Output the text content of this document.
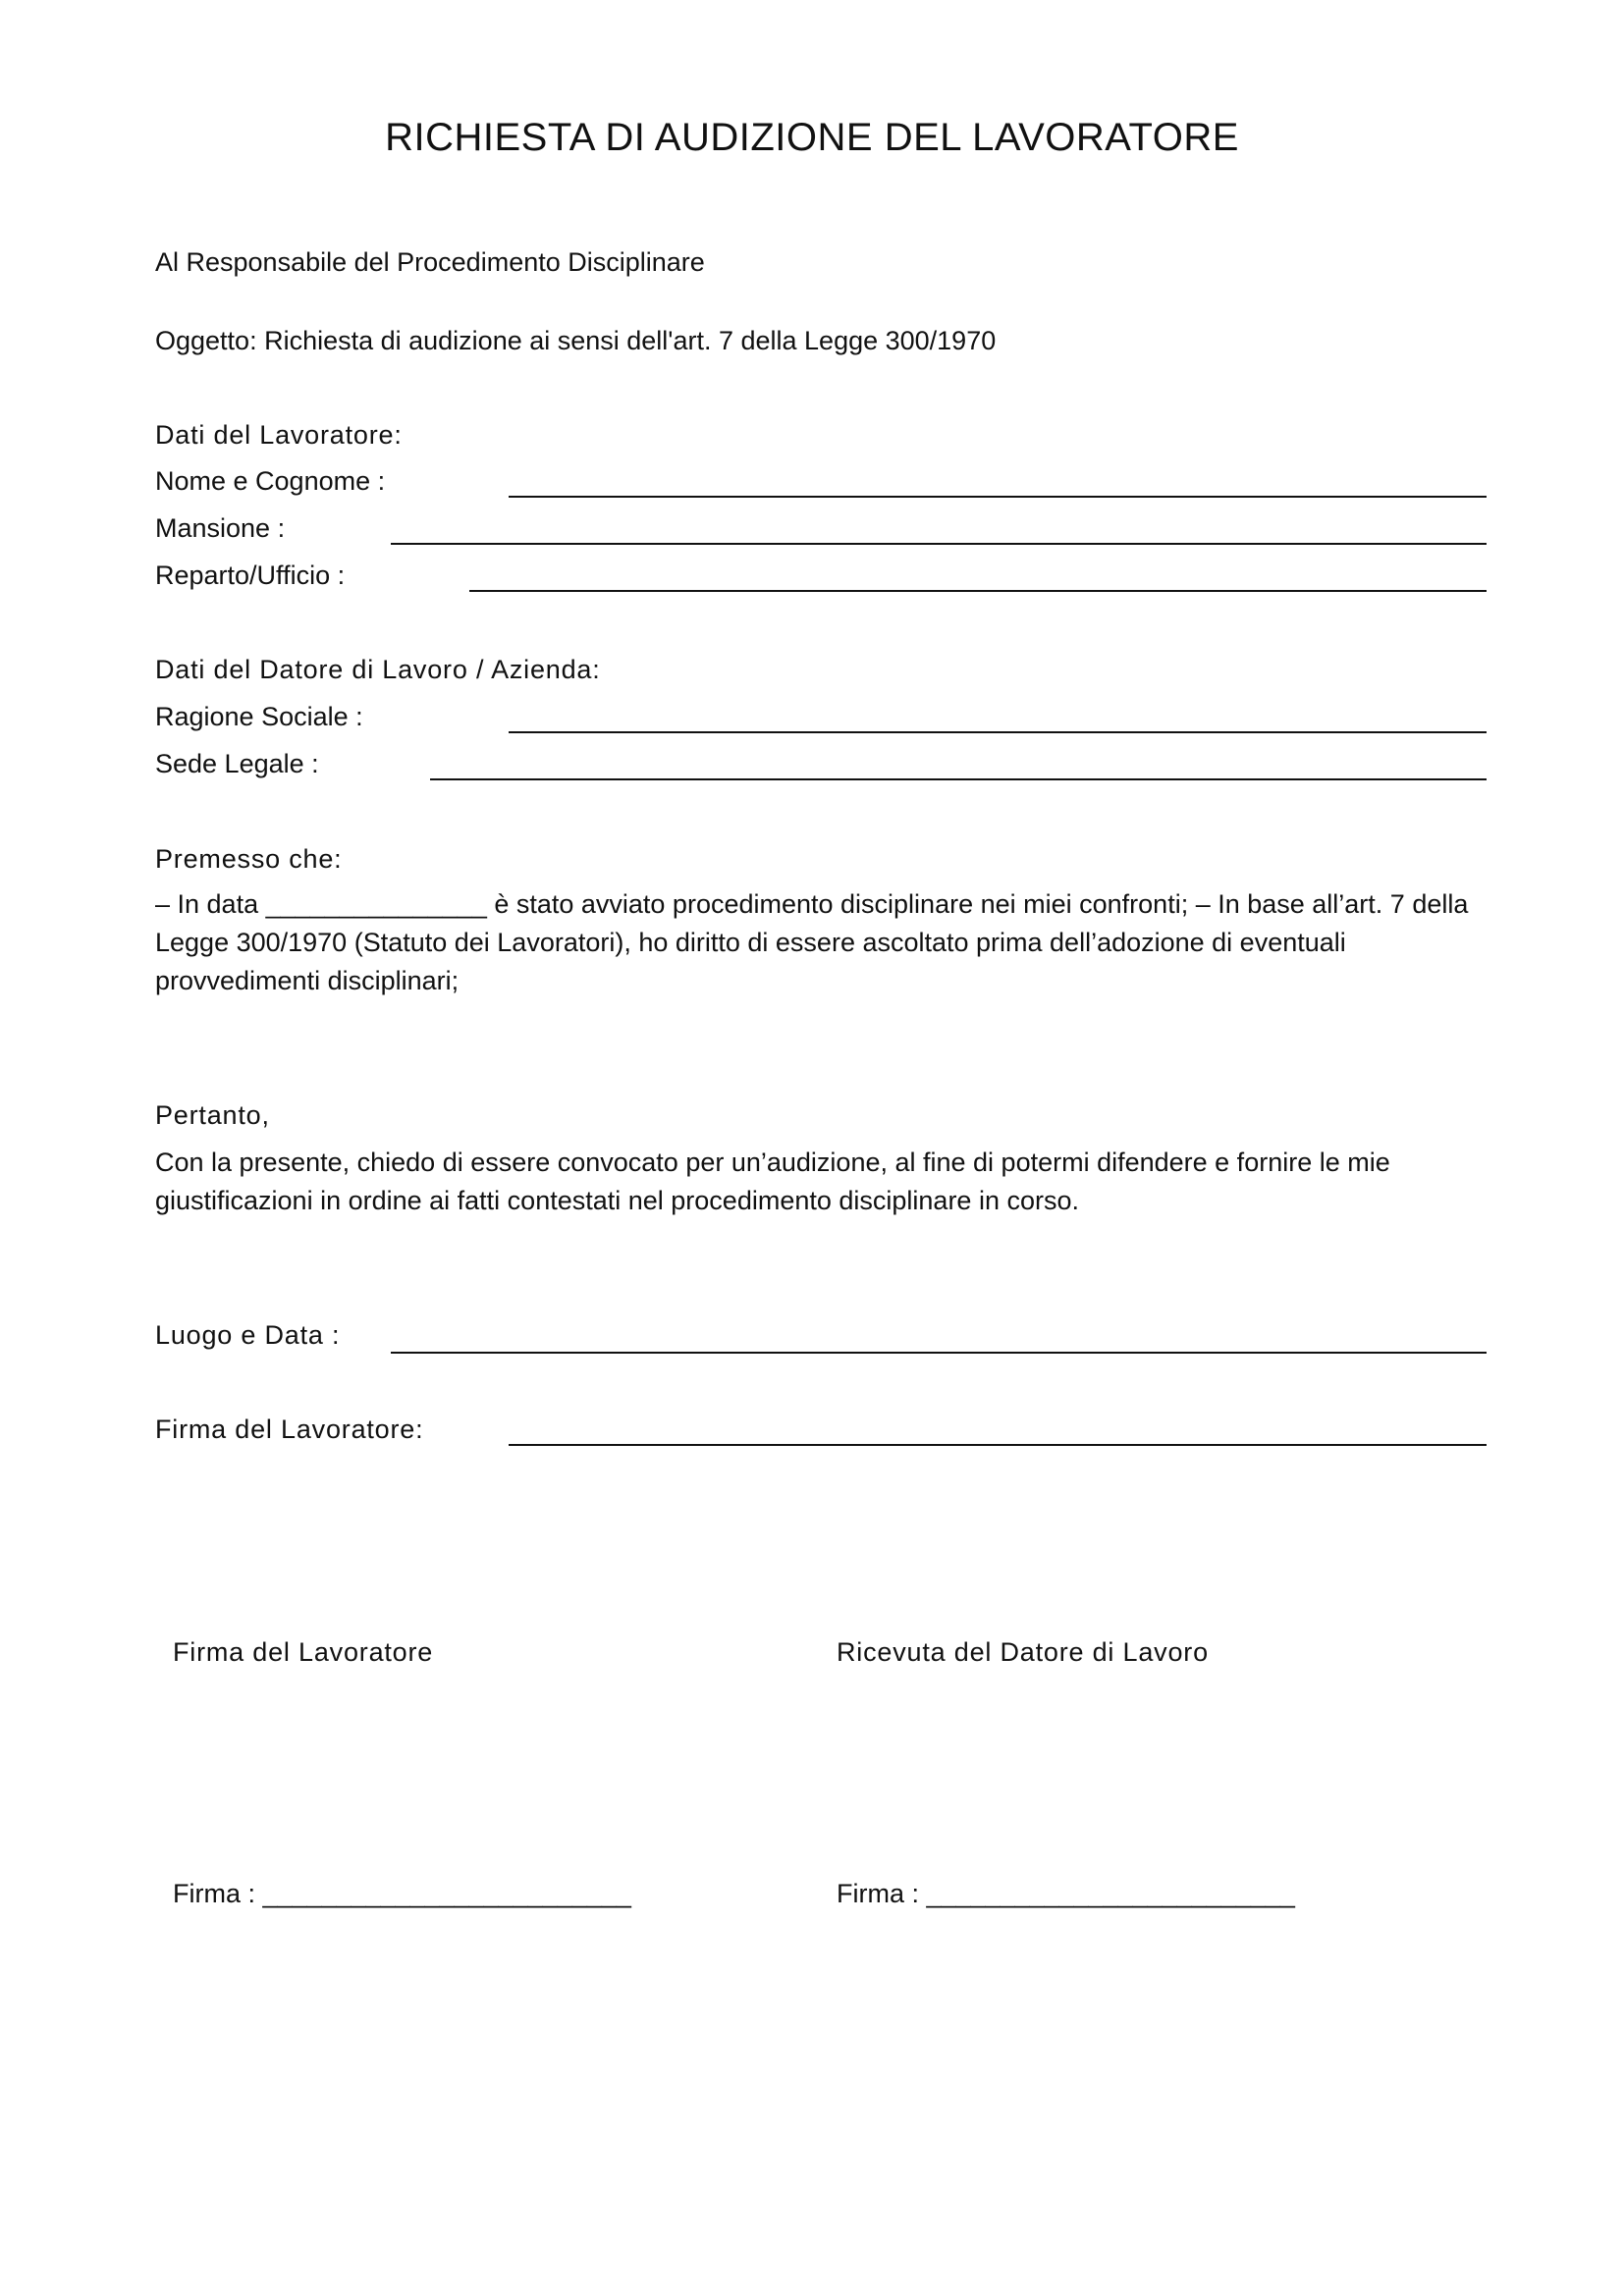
RICHIESTA DI AUDIZIONE DEL LAVORATORE
Al Responsabile del Procedimento Disciplinare
Oggetto: Richiesta di audizione ai sensi dell'art. 7 della Legge 300/1970
Dati del Lavoratore:
Nome e Cognome :
Mansione :
Reparto/Ufficio :
Dati del Datore di Lavoro / Azienda:
Ragione Sociale :
Sede Legale :
Premesso che:
‒ In data _______________ è stato avviato procedimento disciplinare nei miei confronti; ‒ In base all’art. 7 della Legge 300/1970 (Statuto dei Lavoratori), ho diritto di essere ascoltato prima dell’adozione di eventuali provvedimenti disciplinari;
Pertanto,
Con la presente, chiedo di essere convocato per un’audizione, al fine di potermi difendere e fornire le mie giustificazioni in ordine ai fatti contestati nel procedimento disciplinare in corso.
Luogo e Data :
Firma del Lavoratore:
Firma del Lavoratore	Ricevuta del Datore di Lavoro
Firma : _________________________	Firma : _________________________
